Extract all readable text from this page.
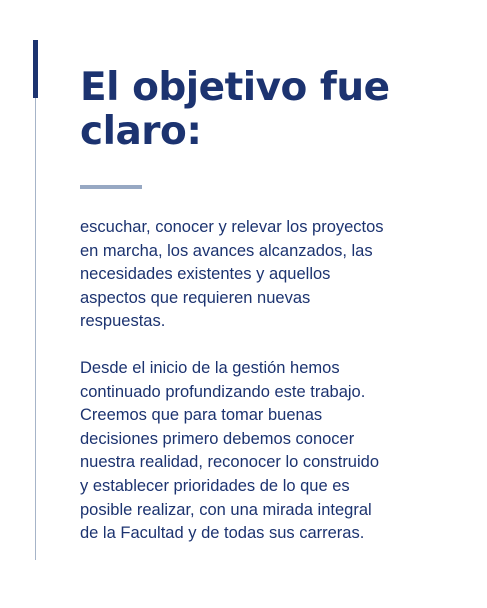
El objetivo fue
claro:

escuchar, conocer y relevar los proyectos
en marcha, los avances alcanzados, las
necesidades existentes y aquellos
aspectos que requieren nuevas
respuestas.

Desde el inicio de la gestión hemos
continuado profundizando este trabajo.
Creemos que para tomar buenas
decisiones primero debemos conocer
nuestra realidad, reconocer lo construido
y establecer prioridades de lo que es
posible realizar, con una mirada integral
de la Facultad y de todas sus carreras.
